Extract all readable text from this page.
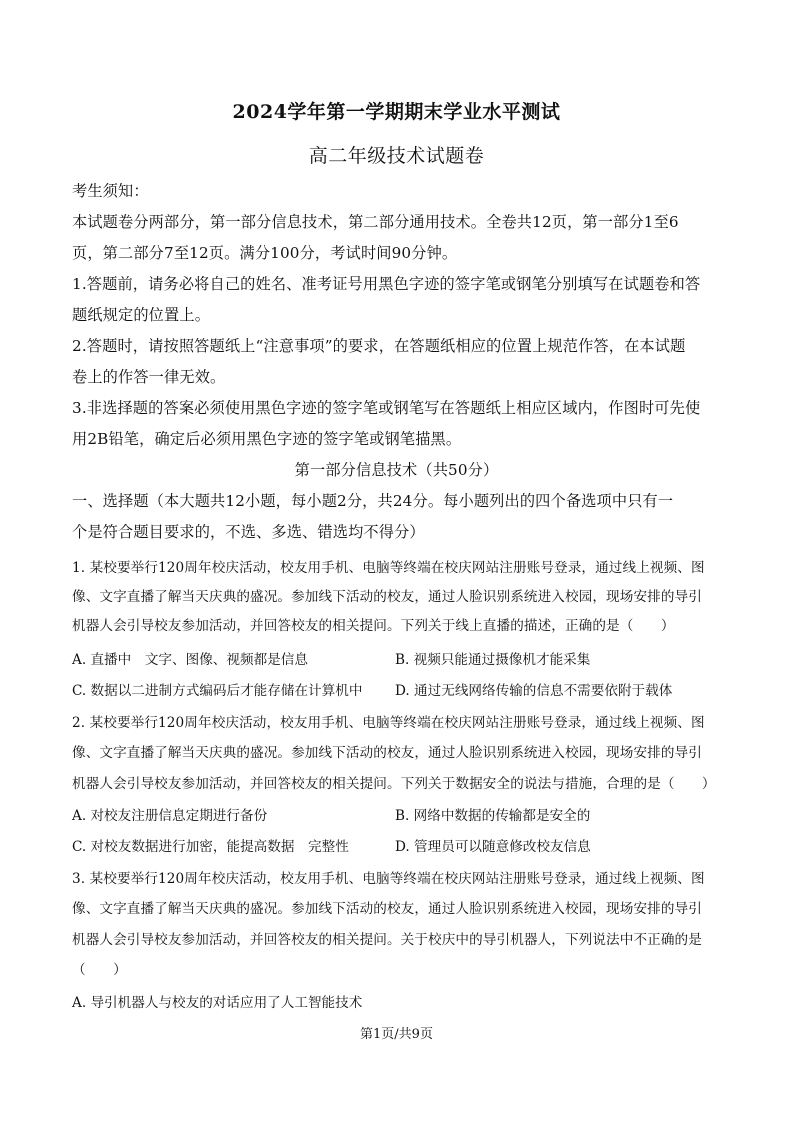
2024学年第一学期期末学业水平测试
高二年级技术试题卷
考生须知：
本试题卷分两部分，第一部分信息技术，第二部分通用技术。全卷共12页，第一部分1至6
页，第二部分7至12页。满分100分，考试时间90分钟。
1.答题前，请务必将自己的姓名、准考证号用黑色字迹的签字笔或钢笔分别填写在试题卷和答
题纸规定的位置上。
2.答题时，请按照答题纸上“注意事项”的要求，在答题纸相应的位置上规范作答，在本试题
卷上的作答一律无效。
3.非选择题的答案必须使用黑色字迹的签字笔或钢笔写在答题纸上相应区域内，作图时可先使
用2B铅笔，确定后必须用黑色字迹的签字笔或钢笔描黑。
第一部分信息技术（共50分）
一、选择题（本大题共12小题，每小题2分，共24分。每小题列出的四个备选项中只有一
个是符合题目要求的，不选、多选、错选均不得分）
1. 某校要举行120周年校庆活动，校友用手机、电脑等终端在校庆网站注册账号登录，通过线上视频、图
像、文字直播了解当天庆典的盛况。参加线下活动的校友，通过人脸识别系统进入校园，现场安排的导引
机器人会引导校友参加活动，并回答校友的相关提问。下列关于线上直播的描述，正确的是（　　）
A. 直播中　文字、图像、视频都是信息	B. 视频只能通过摄像机才能采集
C. 数据以二进制方式编码后才能存储在计算机中 D. 通过无线网络传输的信息不需要依附于载体
2. 某校要举行120周年校庆活动，校友用手机、电脑等终端在校庆网站注册账号登录，通过线上视频、图
像、文字直播了解当天庆典的盛况。参加线下活动的校友，通过人脸识别系统进入校园，现场安排的导引
机器人会引导校友参加活动，并回答校友的相关提问。下列关于数据安全的说法与措施，合理的是（　　）
A. 对校友注册信息定期进行备份	B. 网络中数据的传输都是安全的
C. 对校友数据进行加密，能提高数据　完整性	D. 管理员可以随意修改校友信息
3. 某校要举行120周年校庆活动，校友用手机、电脑等终端在校庆网站注册账号登录，通过线上视频、图
像、文字直播了解当天庆典的盛况。参加线下活动的校友，通过人脸识别系统进入校园，现场安排的导引
机器人会引导校友参加活动，并回答校友的相关提问。关于校庆中的导引机器人，下列说法中不正确的是
（　　）
A. 导引机器人与校友的对话应用了人工智能技术
第1页/共9页
